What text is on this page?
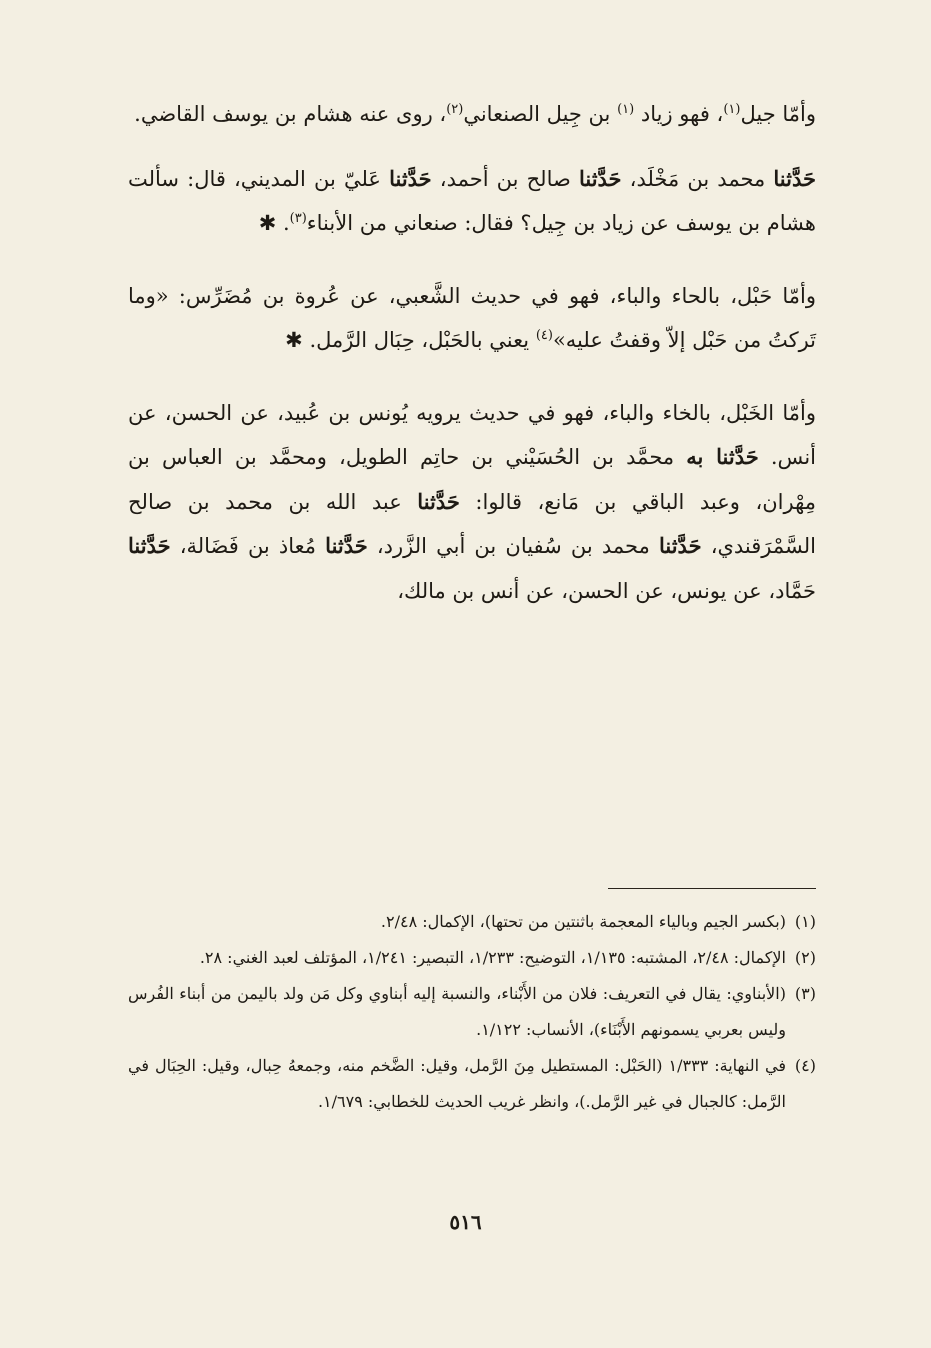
وأمّا جيل$^{(١)}$، فهو زياد $^{(١)}$ بن جِيل الصنعاني$^{(٢)}$، روى عنه هشام بن يوسف القاضي.

حَدَّثنا محمد بن مَخْلَد، حَدَّثنا صالح بن أحمد، حَدَّثنا عَليّ بن المديني، قال: سألت هشام بن يوسف عن زياد بن جِيل؟ فقال: صنعاني من الأبناء$^{(٣)}$. ✱

وأمّا حَبْل، بالحاء والباء، فهو في حديث الشَّعبي، عن عُروة بن مُضَرِّس: «وما تَركتُ من حَبْل إلاّ وقفتُ عليه»$^{(٤)}$ يعني بالحَبْل، حِبَال الرَّمل. ✱

وأمّا الخَبْل، بالخاء والباء، فهو في حديث يرويه يُونس بن عُبيد، عن الحسن، عن أنس. حَدَّثنا به محمَّد بن الحُسَيْني بن حاتِم الطويل، ومحمَّد بن العباس بن مِهْران، وعبد الباقي بن مَانع، قالوا: حَدَّثنا عبد الله بن محمد بن صالح السَّمْرَقندي، حَدَّثنا محمد بن سُفيان بن أبي الزَّرد، حَدَّثنا مُعاذ بن فَضَالة، حَدَّثنا حَمَّاد، عن يونس، عن الحسن، عن أنس بن مالك،

(١)
(بكسر الجيم وبالياء المعجمة باثنتين من تحتها)، الإكمال: ٢/٤٨.

(٢)
الإكمال: ٢/٤٨، المشتبه: ١/١٣٥، التوضيح: ١/٢٣٣، التبصير: ١/٢٤١، المؤتلف لعبد الغني: ٢٨.

(٣)
(الأبناوي: يقال في التعريف: فلان من الأَبْناء، والنسبة إليه أبناوي وكل مَن ولد باليمن من أبناء الفُرس وليس بعربي يسمونهم الأَبْنَاء)، الأنساب: ١/١٢٢.

(٤)
في النهاية: ١/٣٣٣ (الحَبْل: المستطيل مِنَ الرَّمل، وقيل: الضَّخم منه، وجمعهُ حِبال، وقيل: الحِبَال في الرَّمل: كالجبال في غير الرَّمل.)، وانظر غريب الحديث للخطابي: ١/٦٧٩.

٥١٦
